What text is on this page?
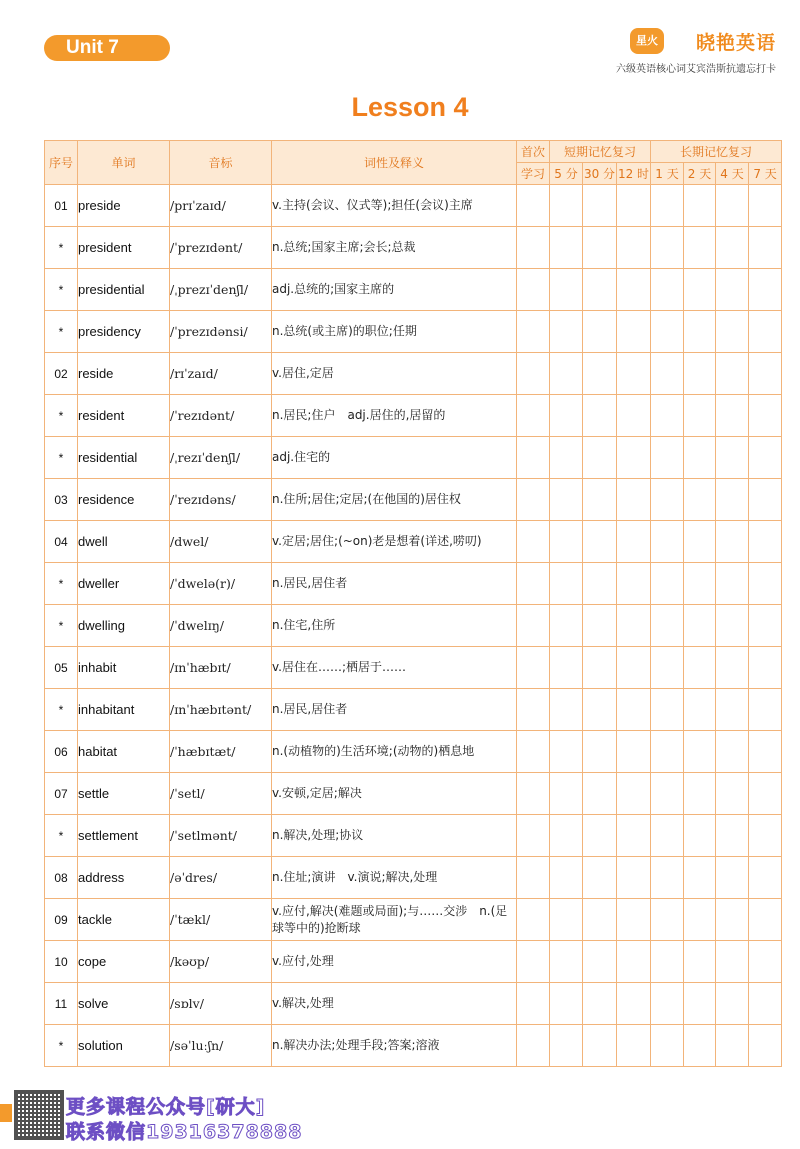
Unit 7	星火	晓艳英语
六级英语核心词艾宾浩斯抗遗忘打卡
Lesson 4
序号	单词	音标	词性及释义	首次	短期记忆复习			长期记忆复习			
				学习	5 分	30 分	12 时	1 天	2 天	4 天	7 天
01	preside	/prɪˈzaɪd/	v.主持(会议、仪式等);担任(会议)主席								
*	president	/ˈprezɪdənt/	n.总统;国家主席;会长;总裁								
*	presidential	/ˌprezɪˈdenʃl/	adj.总统的;国家主席的								
*	presidency	/ˈprezɪdənsi/	n.总统(或主席)的职位;任期								
02	reside	/rɪˈzaɪd/	v.居住,定居								
*	resident	/ˈrezɪdənt/	n.居民;住户　adj.居住的,居留的								
*	residential	/ˌrezɪˈdenʃl/	adj.住宅的								
03	residence	/ˈrezɪdəns/	n.住所;居住;定居;(在他国的)居住权								
04	dwell	/dwel/	v.定居;居住;(~on)老是想着(详述,唠叨)								
*	dweller	/ˈdwelə(r)/	n.居民,居住者								
*	dwelling	/ˈdwelɪŋ/	n.住宅,住所								
05	inhabit	/ɪnˈhæbɪt/	v.居住在……;栖居于……								
*	inhabitant	/ɪnˈhæbɪtənt/	n.居民,居住者								
06	habitat	/ˈhæbɪtæt/	n.(动植物的)生活环境;(动物的)栖息地								
07	settle	/ˈsetl/	v.安顿,定居;解决								
*	settlement	/ˈsetlmənt/	n.解决,处理;协议								
08	address	/əˈdres/	n.住址;演讲　v.演说;解决,处理								
09	tackle	/ˈtækl/	v.应付,解决(难题或局面);与……交涉　n.(足球等中的)抢断球								
10	cope	/kəʊp/	v.应付,处理								
11	solve	/sɒlv/	v.解决,处理								
*	solution	/səˈluːʃn/	n.解决办法;处理手段;答案;溶液								
更多课程公众号[研大]
联系微信19316378888
